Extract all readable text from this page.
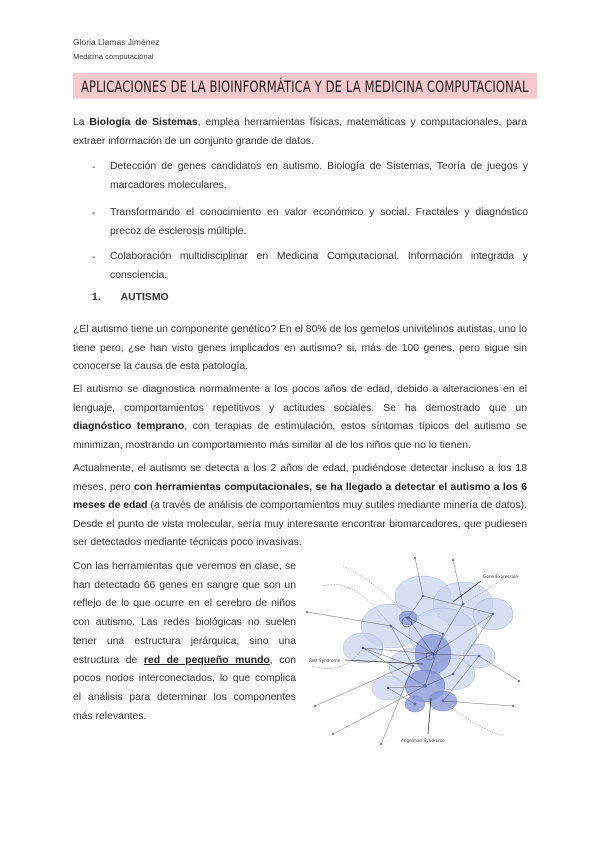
Gloria Llamas Jiménez
Medicina computacional
APLICACIONES DE LA BIOINFORMÁTICA Y DE LA MEDICINA COMPUTACIONAL
La Biología de Sistemas, emplea herramientas físicas, matemáticas y computacionales, para extraer información de un conjunto grande de datos.
- Detección de genes candidatos en autismo. Biología de Sistemas, Teoría de juegos y marcadores moleculares.
- Transformando el conocimiento en valor económico y social. Fractales y diagnóstico precoz de esclerosis múltiple.
- Colaboración multidisciplinar en Medicina Computacional. Información integrada y consciencia.
1. AUTISMO
¿El autismo tiene un componente genético? En el 80% de los gemelos univitelinos autistas, uno lo tiene pero, ¿se han visto genes implicados en autismo? si, más de 100 genes, pero sigue sin conocerse la causa de esta patología.
El autismo se diagnostica normalmente a los pocos años de edad, debido a alteraciones en el lenguaje, comportamientos repetitivos y actitudes sociales. Se ha demostrado que un diagnóstico temprano, con terapias de estimulación, estos síntomas típicos del autismo se minimizan, mostrando un comportamiento más similar al de los niños que no lo tienen.
Actualmente, el autismo se detecta a los 2 años de edad, pudiéndose detectar incluso a los 18 meses, pero con herramientas computacionales, se ha llegado a detectar el autismo a los 6 meses de edad (a través de análisis de comportamientos muy sutiles mediante minería de datos). Desde el punto de vista molecular, sería muy interesante encontrar biomarcadores, que pudiesen ser detectados mediante técnicas poco invasivas.
Con las herramientas que veremos en clase, se han detectado 66 genes en sangre que son un reflejo de lo que ocurre en el cerebro de niños con autismo. Las redes biológicas no suelen tener una estructura jerárquica, sino una estructura de red de pequeño mundo, con pocos nodos interconectados, lo que complica el análisis para determinar los componentes más relevantes.
Gene Expression
Rett Syndrome
Angelman Syndrome
